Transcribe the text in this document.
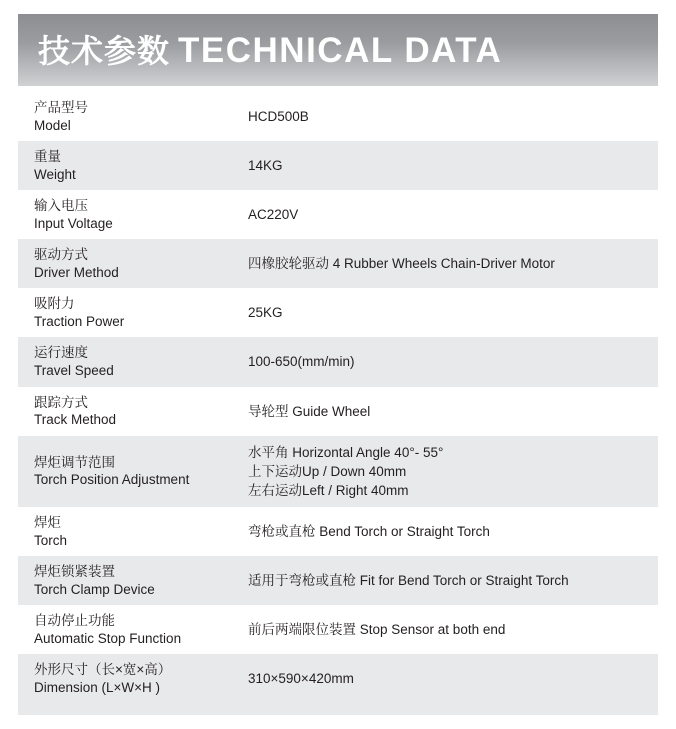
技术参数 TECHNICAL DATA
产品型号
Model
HCD500B
重量
Weight
14KG
输入电压
Input Voltage
AC220V
驱动方式
Driver Method
四橡胶轮驱动 4 Rubber Wheels Chain-Driver Motor
吸附力
Traction Power
25KG
运行速度
Travel Speed
100-650(mm/min)
跟踪方式
Track Method
导轮型 Guide Wheel
焊炬调节范围
Torch Position Adjustment
水平角 Horizontal Angle 40°- 55°
上下运动Up / Down 40mm
左右运动Left / Right 40mm
焊炬
Torch
弯枪或直枪 Bend Torch or Straight Torch
焊炬锁紧装置
Torch Clamp Device
适用于弯枪或直枪 Fit for Bend Torch or Straight Torch
自动停止功能
Automatic Stop Function
前后两端限位装置 Stop Sensor at both end
外形尺寸（长×宽×高）
Dimension (L×W×H )
310×590×420mm
